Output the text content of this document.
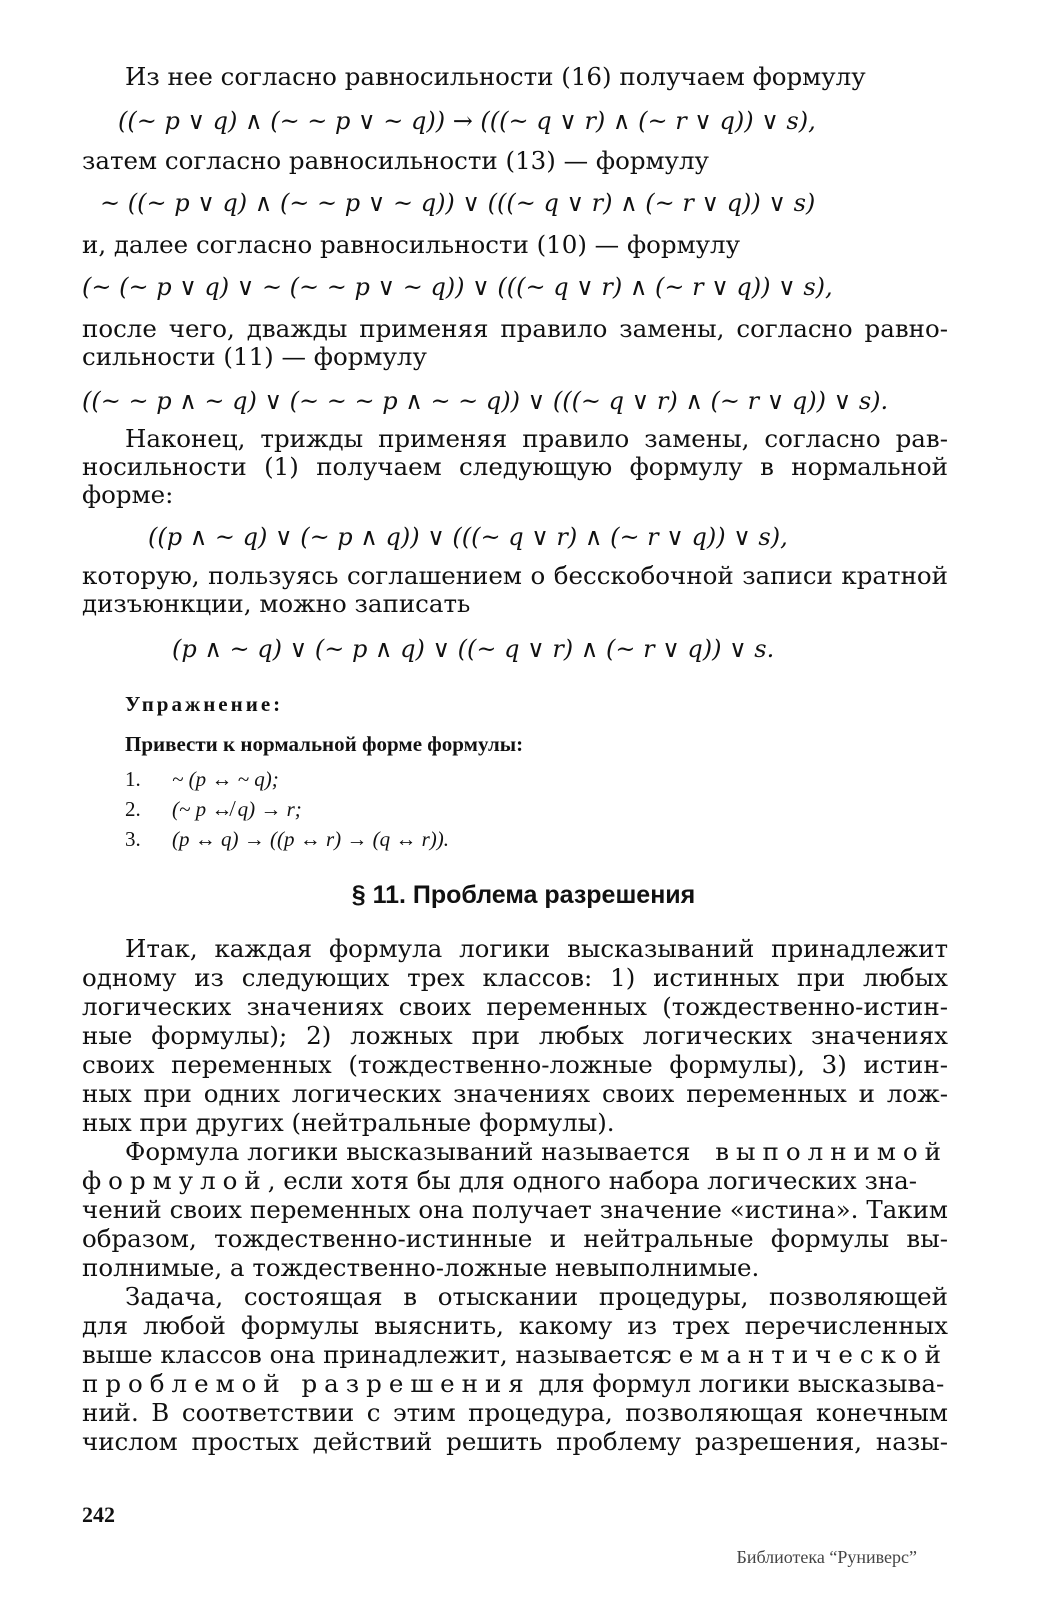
Из нее согласно равносильности (16) получаем формулу
((~ p ∨ q) ∧ (~ ~ p ∨ ~ q)) → (((~ q ∨ r) ∧ (~ r ∨ q)) ∨ s),
затем согласно равносильности (13) — формулу
~ ((~ p ∨ q) ∧ (~ ~ p ∨ ~ q)) ∨ (((~ q ∨ r) ∧ (~ r ∨ q)) ∨ s)
и, далее согласно равносильности (10) — формулу
(~ (~ p ∨ q) ∨ ~ (~ ~ p ∨ ~ q)) ∨ (((~ q ∨ r) ∧ (~ r ∨ q)) ∨ s),
после чего, дважды применяя правило замены, согласно равно-
сильности (11) — формулу
((~ ~ p ∧ ~ q) ∨ (~ ~ ~ p ∧ ~ ~ q)) ∨ (((~ q ∨ r) ∧ (~ r ∨ q)) ∨ s).
Наконец, трижды применяя правило замены, согласно рав-
носильности (1) получаем следующую формулу в нормальной
форме:
((p ∧ ~ q) ∨ (~ p ∧ q)) ∨ (((~ q ∨ r) ∧ (~ r ∨ q)) ∨ s),
которую, пользуясь соглашением о бесскобочной записи кратной
дизъюнкции, можно записать
(p ∧ ~ q) ∨ (~ p ∧ q) ∨ ((~ q ∨ r) ∧ (~ r ∨ q)) ∨ s.
Упражнение:
Привести к нормальной форме формулы:
1. ~ (p ↔ ~ q);
2. (~ p ↮ q) → r;
3. (p ↔ q) → ((p ↔ r) → (q ↔ r)).
§ 11. Проблема разрешения
Итак, каждая формула логики высказываний принадлежит
одному из следующих трех классов: 1) истинных при любых
логических значениях своих переменных (тождественно-истин-
ные формулы); 2) ложных при любых логических значениях
своих переменных (тождественно-ложные формулы), 3) истин-
ных при одних логических значениях своих переменных и лож-
ных при других (нейтральные формулы).
Формула логики высказываний называется выполнимой
формулой, если хотя бы для одного набора логических зна-
чений своих переменных она получает значение «истина». Таким
образом, тождественно-истинные и нейтральные формулы вы-
полнимые, а тождественно-ложные невыполнимые.
Задача, состоящая в отыскании процедуры, позволяющей
для любой формулы выяснить, какому из трех перечисленных
выше классов она принадлежит, называется
семантической
проблемой разрешения для формул логики высказыва-
ний. В соответствии с этим процедура, позволяющая конечным
числом простых действий решить проблему разрешения, назы-
242
Библиотека “Руниверс”
